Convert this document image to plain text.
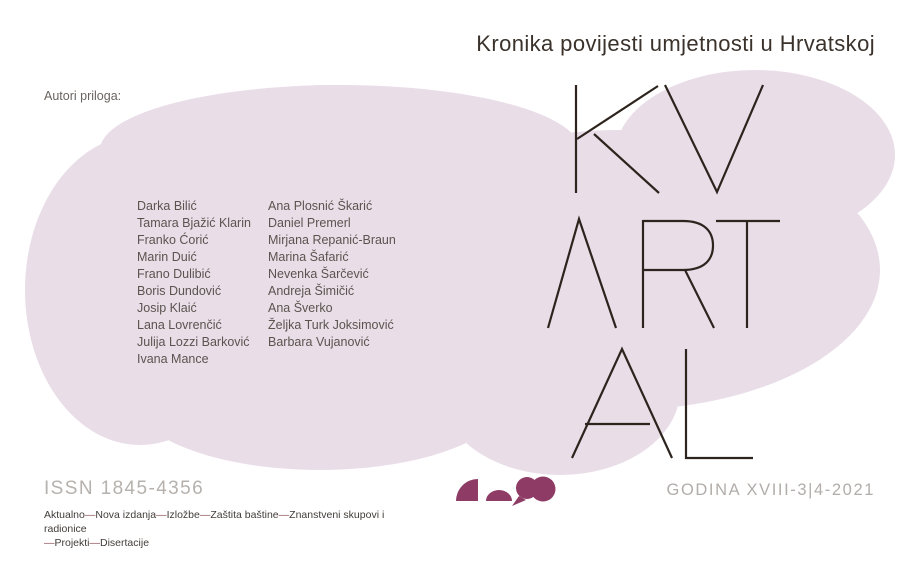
Kronika povijesti umjetnosti u Hrvatskoj
Autori priloga:
Darka Bilić
Tamara Bjažić Klarin
Franko Ćorić
Marin Duić
Frano Dulibić
Boris Dundović
Josip Klaić
Lana Lovrenčić
Julija Lozzi Barković
Ivana Mance
Ana Plosnić Škarić
Daniel Premerl
Mirjana Repanić-Braun
Marina Šafarić
Nevenka Šarčević
Andreja Šimičić
Ana Šverko
Željka Turk Joksimović
Barbara Vujanović
ISSN 1845-4356	GODINA XVIII-3|4-2021
Aktualno—Nova izdanja—Izložbe—Zaštita baštine—Znanstveni skupovi i radionice
—Projekti—Disertacije
